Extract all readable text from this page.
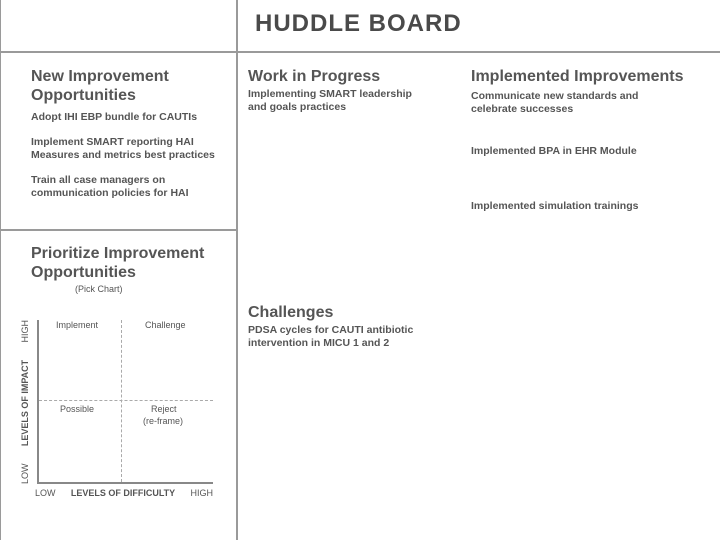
HUDDLE BOARD
New Improvement Opportunities
Adopt IHI EBP bundle for CAUTIs
Implement SMART reporting HAI Measures and metrics best practices
Train all case managers on communication policies for HAI
Prioritize Improvement Opportunities
(Pick Chart)
Implement	Challenge
Possible	Reject
(re-frame)
LOW
LEVELS OF IMPACT
HIGH
LOW LEVELS OF DIFFICULTY HIGH
Work in Progress
Implementing SMART leadership and goals practices
Challenges
PDSA cycles for CAUTI antibiotic intervention in MICU 1 and 2
Implemented Improvements
Communicate new standards and celebrate successes
Implemented BPA in EHR Module
Implemented simulation trainings
